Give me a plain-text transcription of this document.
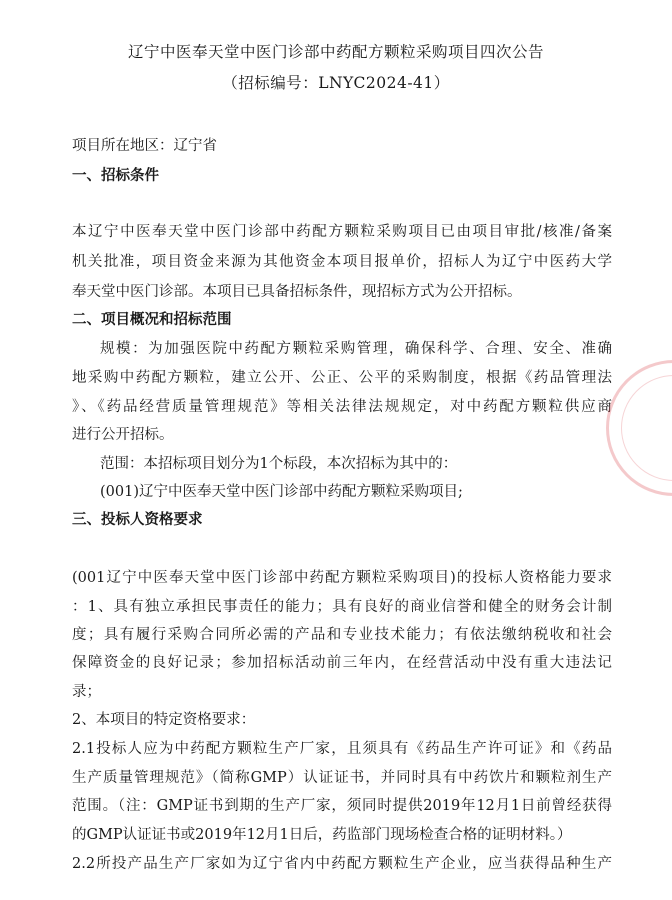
辽宁中医奉天堂中医门诊部中药配方颗粒采购项目四次公告
（招标编号：LNYC2024-41）
项目所在地区：辽宁省
一、招标条件
本辽宁中医奉天堂中医门诊部中药配方颗粒采购项目已由项目审批/核准/备案
机关批准，项目资金来源为其他资金本项目报单价，招标人为辽宁中医药大学
奉天堂中医门诊部。本项目已具备招标条件，现招标方式为公开招标。
二、项目概况和招标范围
规模：为加强医院中药配方颗粒采购管理，确保科学、合理、安全、准确
地采购中药配方颗粒，建立公开、公正、公平的采购制度，根据《药品管理法
》、《药品经营质量管理规范》等相关法律法规规定，对中药配方颗粒供应商
进行公开招标。
范围：本招标项目划分为1个标段，本次招标为其中的：
(001)辽宁中医奉天堂中医门诊部中药配方颗粒采购项目;
三、投标人资格要求
(001辽宁中医奉天堂中医门诊部中药配方颗粒采购项目)的投标人资格能力要求
：1、具有独立承担民事责任的能力；具有良好的商业信誉和健全的财务会计制
度；具有履行采购合同所必需的产品和专业技术能力；有依法缴纳税收和社会
保障资金的良好记录；参加招标活动前三年内，在经营活动中没有重大违法记
录；
2、本项目的特定资格要求：
2.1投标人应为中药配方颗粒生产厂家，且须具有《药品生产许可证》和《药品
生产质量管理规范》（简称GMP）认证证书，并同时具有中药饮片和颗粒剂生产
范围。（注：GMP证书到期的生产厂家，须同时提供2019年12月1日前曾经获得
的GMP认证证书或2019年12月1日后，药监部门现场检查合格的证明材料。）
2.2所投产品生产厂家如为辽宁省内中药配方颗粒生产企业，应当获得品种生产
